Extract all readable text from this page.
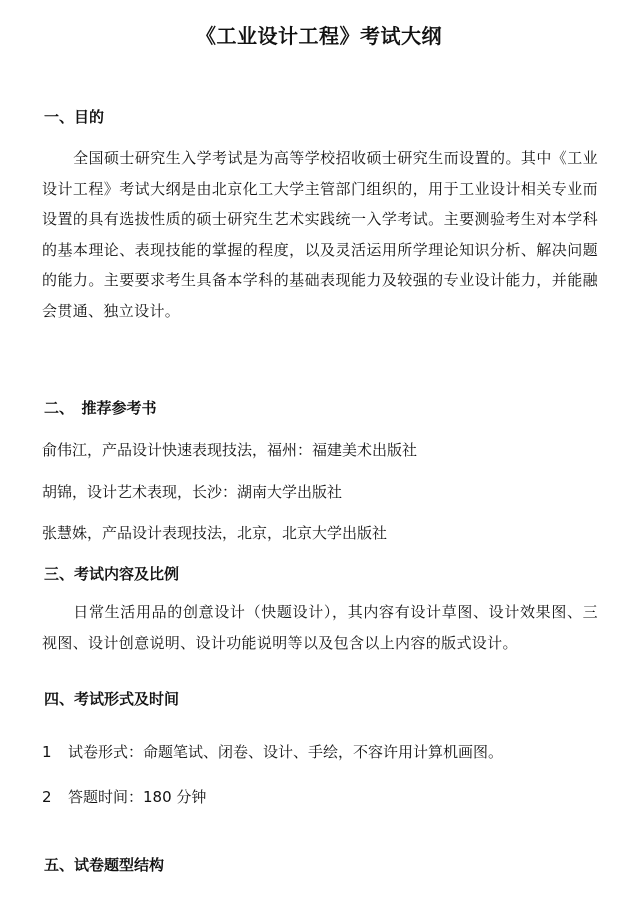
《工业设计工程》考试大纲
一、目的
全国硕士研究生入学考试是为高等学校招收硕士研究生而设置的。其中《工业设计工程》考试大纲是由北京化工大学主管部门组织的，用于工业设计相关专业而设置的具有选拔性质的硕士研究生艺术实践统一入学考试。主要测验考生对本学科的基本理论、表现技能的掌握的程度，以及灵活运用所学理论知识分析、解决问题的能力。主要要求考生具备本学科的基础表现能力及较强的专业设计能力，并能融会贯通、独立设计。
二、　推荐参考书
俞伟江，产品设计快速表现技法，福州：福建美术出版社
胡锦，设计艺术表现，长沙：湖南大学出版社
张慧姝，产品设计表现技法，北京，北京大学出版社
三、考试内容及比例
日常生活用品的创意设计（快题设计），其内容有设计草图、设计效果图、三视图、设计创意说明、设计功能说明等以及包含以上内容的版式设计。
四、考试形式及时间
1 试卷形式：命题笔试、闭卷、设计、手绘，不容许用计算机画图。
2 答题时间：180 分钟
五、试卷题型结构
